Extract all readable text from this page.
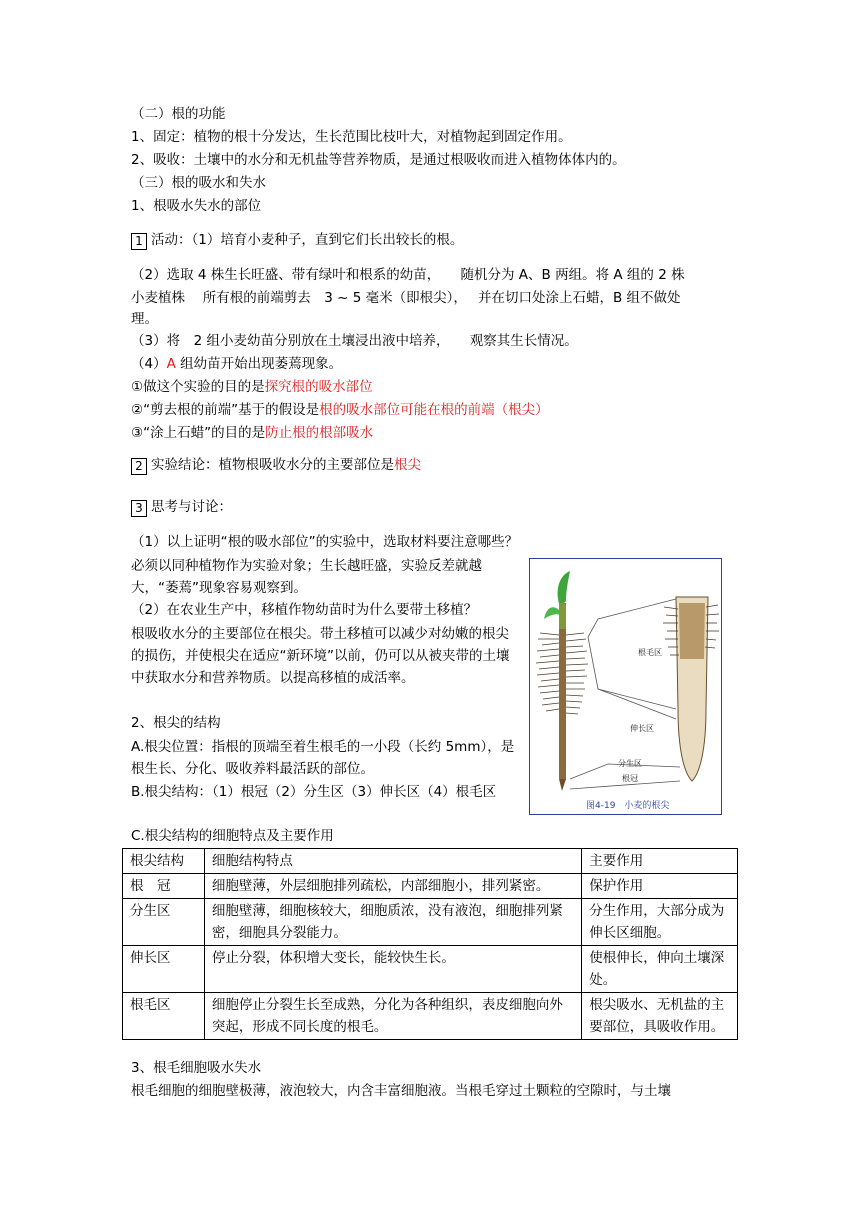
（二）根的功能
1、固定：植物的根十分发达，生长范围比枝叶大，对植物起到固定作用。
2、吸收：土壤中的水分和无机盐等营养物质，是通过根吸收而进入植物体体内的。
（三）根的吸水和失水
1、根吸水失水的部位
1 活动：（1）培育小麦种子，直到它们长出较长的根。
（2）选取 4 株生长旺盛、带有绿叶和根系的幼苗，　　随机分为 A、B 两组。将 A 组的 2 株
小麦植株　 所有根的前端剪去　3 ~ 5 毫米（即根尖），　 并在切口处涂上石蜡，B 组不做处
理。
（3）将　2 组小麦幼苗分别放在土壤浸出液中培养，　　观察其生长情况。
（4）A 组幼苗开始出现萎蔫现象。
①做这个实验的目的是探究根的吸水部位
②“剪去根的前端”基于的假设是根的吸水部位可能在根的前端（根尖）
③“涂上石蜡”的目的是防止根的根部吸水
2 实验结论：植物根吸收水分的主要部位是根尖
3 思考与讨论：
（1）以上证明“根的吸水部位”的实验中，选取材料要注意哪些？
必须以同种植物作为实验对象；生长越旺盛，实验反差就越大，“萎蔫”现象容易观察到。
（2）在农业生产中，移植作物幼苗时为什么要带土移植？
根吸收水分的主要部位在根尖。带土移植可以减少对幼嫩的根尖的损伤，并使根尖在适应“新环境”以前，仍可以从被夹带的土壤中获取水分和营养物质。以提高移植的成活率。
2、根尖的结构
A.根尖位置：指根的顶端至着生根毛的一小段（长约 5mm），是根生长、分化、吸收养料最活跃的部位。
B.根尖结构：（1）根冠（2）分生区（3）伸长区（4）根毛区
C.根尖结构的细胞特点及主要作用
根毛区
伸长区
分生区
根冠
图4-19　小麦的根尖
根尖结构	细胞结构特点	主要作用
根　冠	细胞壁薄，外层细胞排列疏松，内部细胞小，排列紧密。	保护作用
分生区	细胞壁薄，细胞核较大，细胞质浓，没有液泡，细胞排列紧密，细胞具分裂能力。	分生作用，大部分成为伸长区细胞。
伸长区	停止分裂，体积增大变长，能较快生长。	使根伸长，伸向土壤深处。
根毛区	细胞停止分裂生长至成熟，分化为各种组织，表皮细胞向外突起，形成不同长度的根毛。	根尖吸水、无机盐的主要部位，具吸收作用。
3、根毛细胞吸水失水
根毛细胞的细胞壁极薄，液泡较大，内含丰富细胞液。当根毛穿过土颗粒的空隙时，与土壤
